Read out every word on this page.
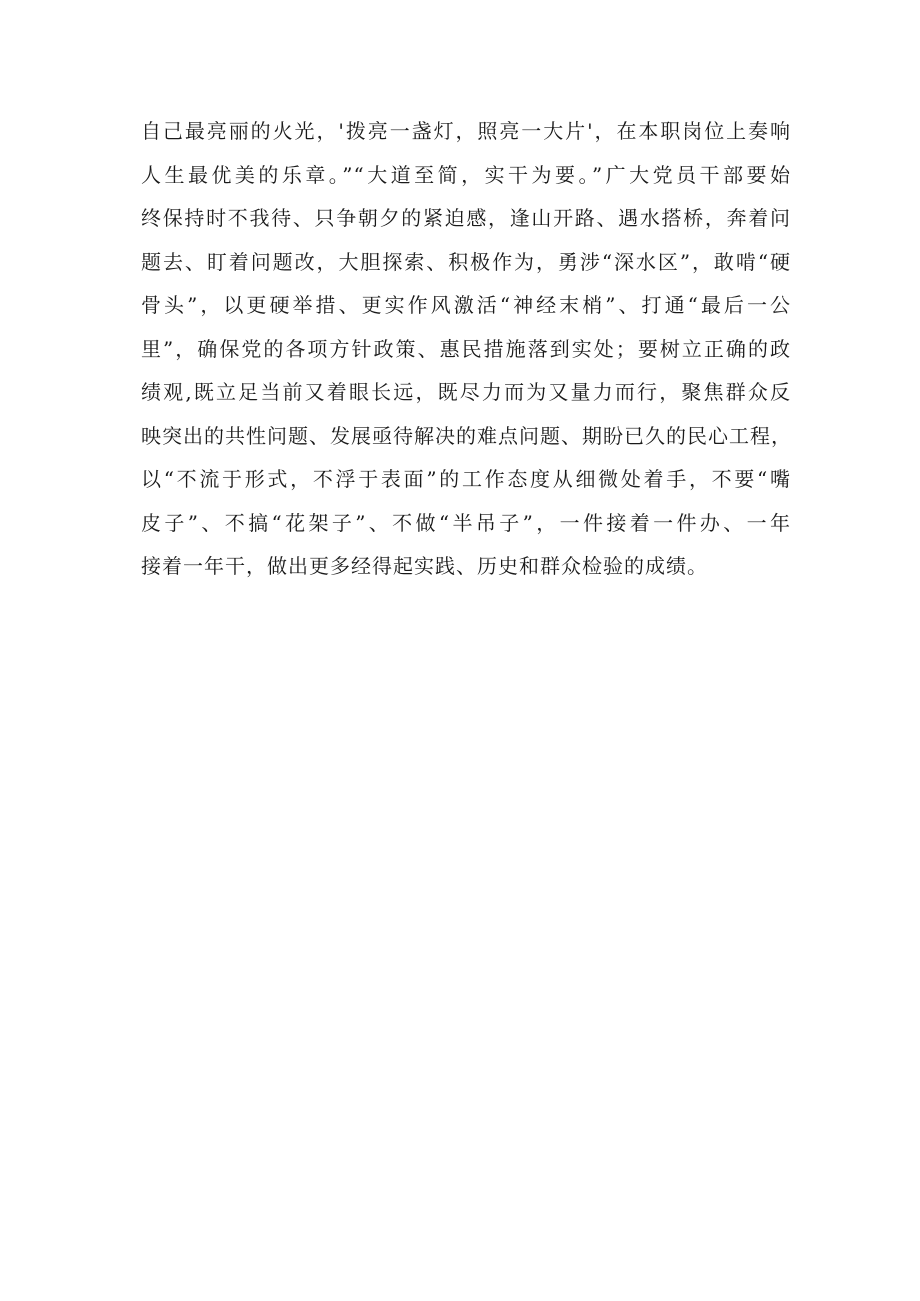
自己最亮丽的火光，'拨亮一盏灯，照亮一大片'，在本职岗位上奏响
人生最优美的乐章。”“大道至简，实干为要。”广大党员干部要始
终保持时不我待、只争朝夕的紧迫感，逢山开路、遇水搭桥，奔着问
题去、盯着问题改，大胆探索、积极作为，勇涉“深水区”，敢啃“硬
骨头”，以更硬举措、更实作风激活“神经末梢”、打通“最后一公
里”，确保党的各项方针政策、惠民措施落到实处；要树立正确的政
绩观,既立足当前又着眼长远，既尽力而为又量力而行，聚焦群众反
映突出的共性问题、发展亟待解决的难点问题、期盼已久的民心工程，
以“不流于形式，不浮于表面”的工作态度从细微处着手，不要“嘴
皮子”、不搞“花架子”、不做“半吊子”，一件接着一件办、一年
接着一年干，做出更多经得起实践、历史和群众检验的成绩。
